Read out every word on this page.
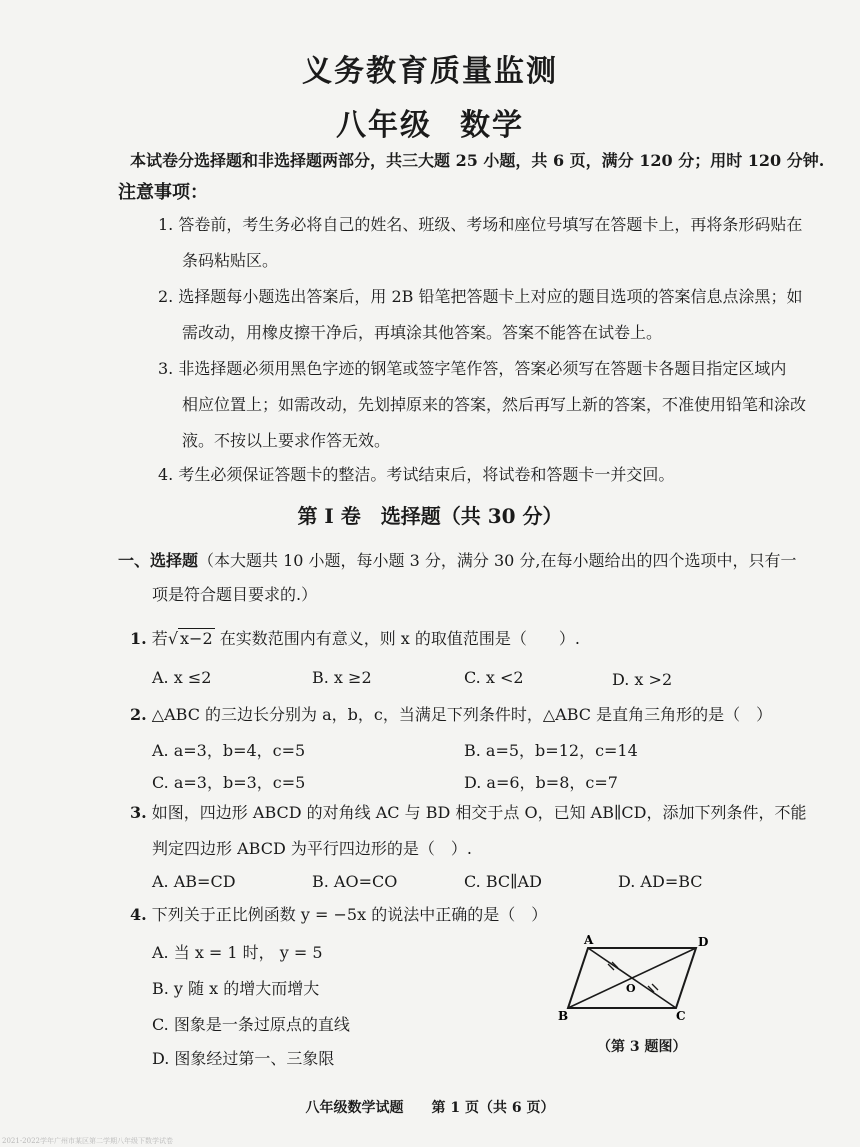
义务教育质量监测
八年级 数学
本试卷分选择题和非选择题两部分，共三大题 25 小题，共 6 页，满分 120 分；用时 120 分钟.
注意事项：
1. 答卷前，考生务必将自己的姓名、班级、考场和座位号填写在答题卡上，再将条形码贴在
条码粘贴区。
2. 选择题每小题选出答案后，用 2B 铅笔把答题卡上对应的题目选项的答案信息点涂黑；如
需改动，用橡皮擦干净后，再填涂其他答案。答案不能答在试卷上。
3. 非选择题必须用黑色字迹的钢笔或签字笔作答，答案必须写在答题卡各题目指定区域内
相应位置上；如需改动，先划掉原来的答案，然后再写上新的答案，不准使用铅笔和涂改
液。不按以上要求作答无效。
4. 考生必须保证答题卡的整洁。考试结束后，将试卷和答题卡一并交回。
第 I 卷　选择题（共 30 分）
一、选择题（本大题共 10 小题，每小题 3 分，满分 30 分,在每小题给出的四个选项中，只有一
项是符合题目要求的.）
1. 若√ x−2 在实数范围内有意义，则 x 的取值范围是（　　）.
A. x ≤2	B. x ≥2	C. x <2	D. x >2
2. △ABC 的三边长分别为 a，b，c，当满足下列条件时，△ABC 是直角三角形的是（　）
A. a=3，b=4，c=5	B. a=5，b=12，c=14
C. a=3，b=3，c=5	D. a=6，b=8，c=7
3. 如图，四边形 ABCD 的对角线 AC 与 BD 相交于点 O，已知 AB∥CD，添加下列条件，不能
判定四边形 ABCD 为平行四边形的是（　）.
A. AB=CD	B. AO=CO	C. BC∥AD	D. AD=BC
4. 下列关于正比例函数 y = −5x 的说法中正确的是（　）
A. 当 x = 1 时， y = 5
B. y 随 x 的增大而增大
C. 图象是一条过原点的直线
D. 图象经过第一、三象限
A	D
B	C
O
（第 3 题图）
八年级数学试题　　第 1 页（共 6 页）
2021-2022学年广州市某区第二学期八年级下数学试卷
